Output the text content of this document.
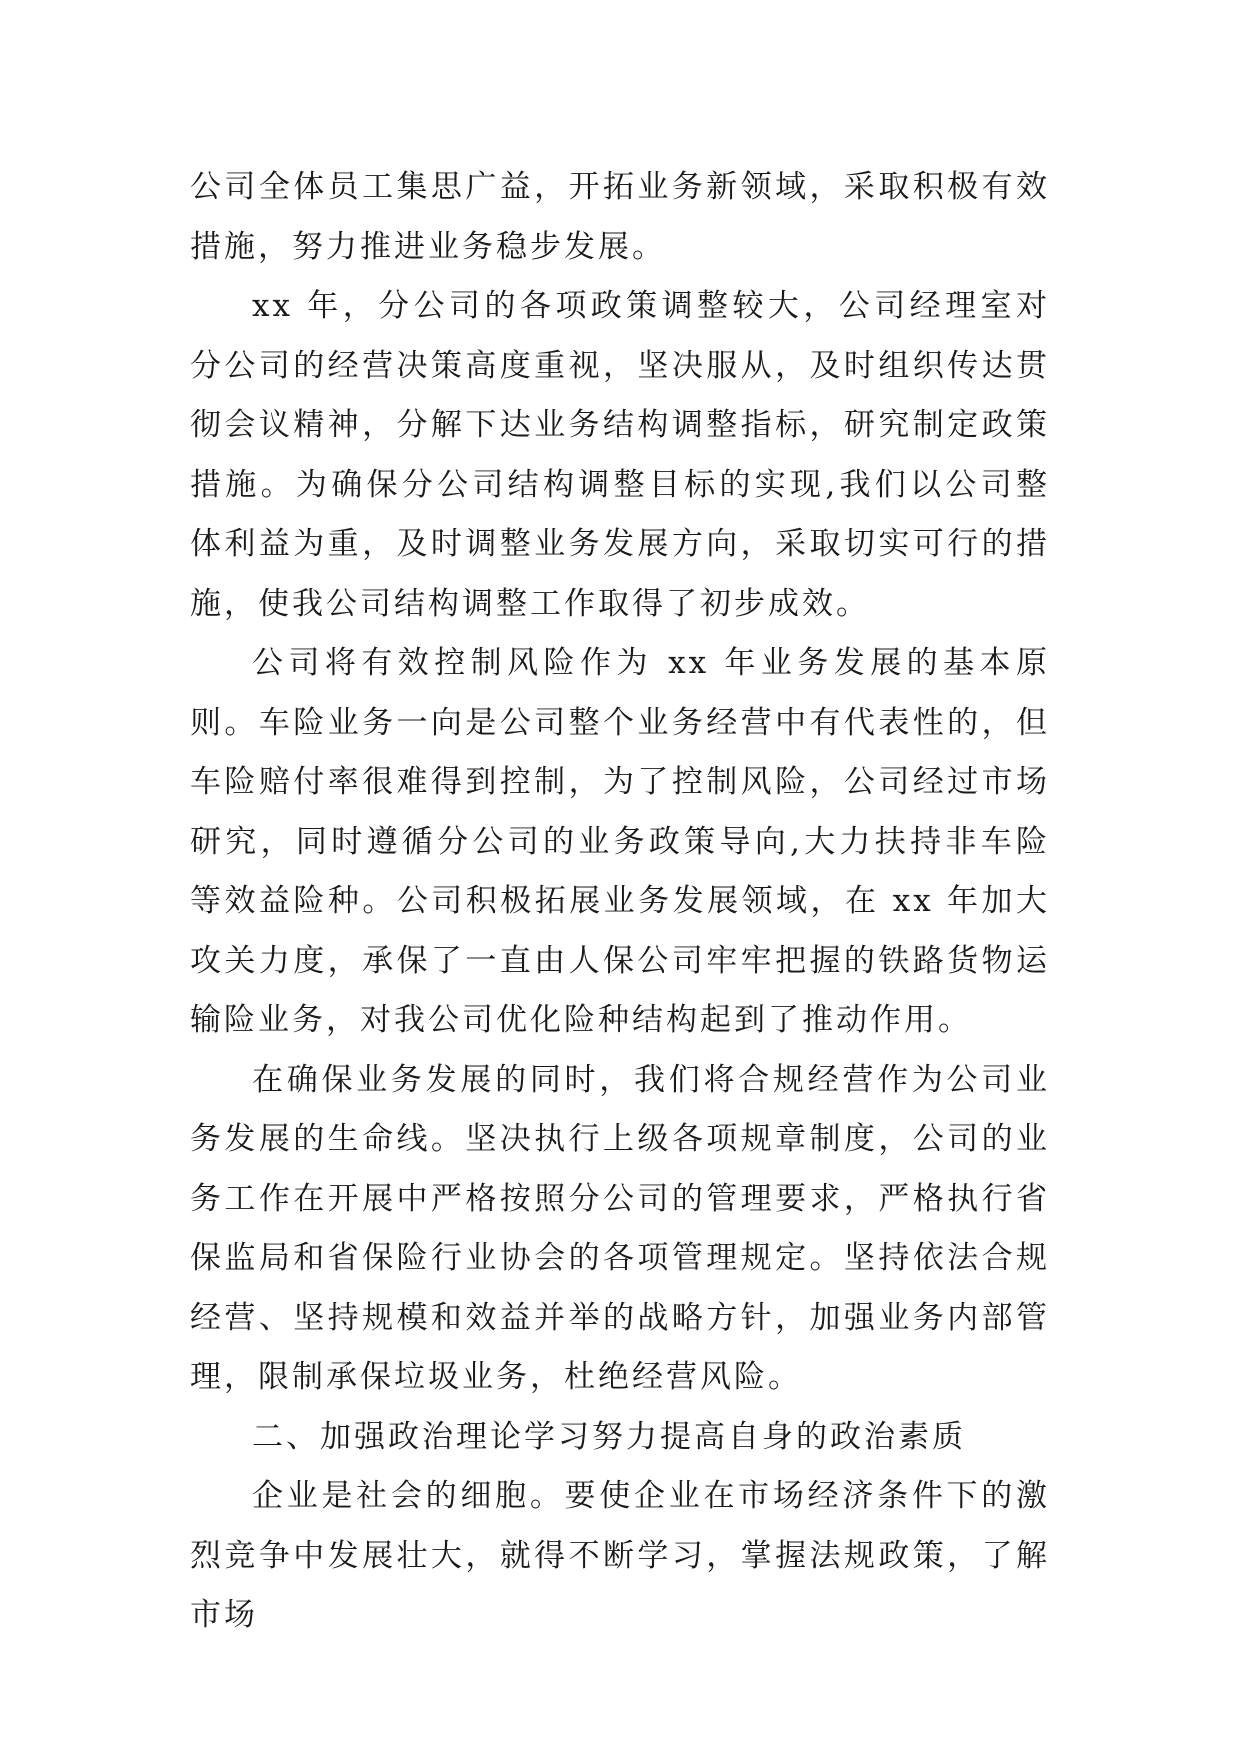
公司全体员工集思广益，开拓业务新领域，采取积极有效措施，努力推进业务稳步发展。

xx 年，分公司的各项政策调整较大，公司经理室对分公司的经营决策高度重视，坚决服从，及时组织传达贯彻会议精神，分解下达业务结构调整指标，研究制定政策措施。为确保分公司结构调整目标的实现,我们以公司整体利益为重，及时调整业务发展方向，采取切实可行的措施，使我公司结构调整工作取得了初步成效。

公司将有效控制风险作为 xx 年业务发展的基本原则。车险业务一向是公司整个业务经营中有代表性的，但车险赔付率很难得到控制，为了控制风险，公司经过市场研究，同时遵循分公司的业务政策导向,大力扶持非车险等效益险种。公司积极拓展业务发展领域，在 xx 年加大攻关力度，承保了一直由人保公司牢牢把握的铁路货物运输险业务，对我公司优化险种结构起到了推动作用。

在确保业务发展的同时，我们将合规经营作为公司业务发展的生命线。坚决执行上级各项规章制度，公司的业务工作在开展中严格按照分公司的管理要求，严格执行省保监局和省保险行业协会的各项管理规定。坚持依法合规经营、坚持规模和效益并举的战略方针，加强业务内部管理，限制承保垃圾业务，杜绝经营风险。

二、加强政治理论学习努力提高自身的政治素质

企业是社会的细胞。要使企业在市场经济条件下的激烈竞争中发展壮大，就得不断学习，掌握法规政策，了解市场
